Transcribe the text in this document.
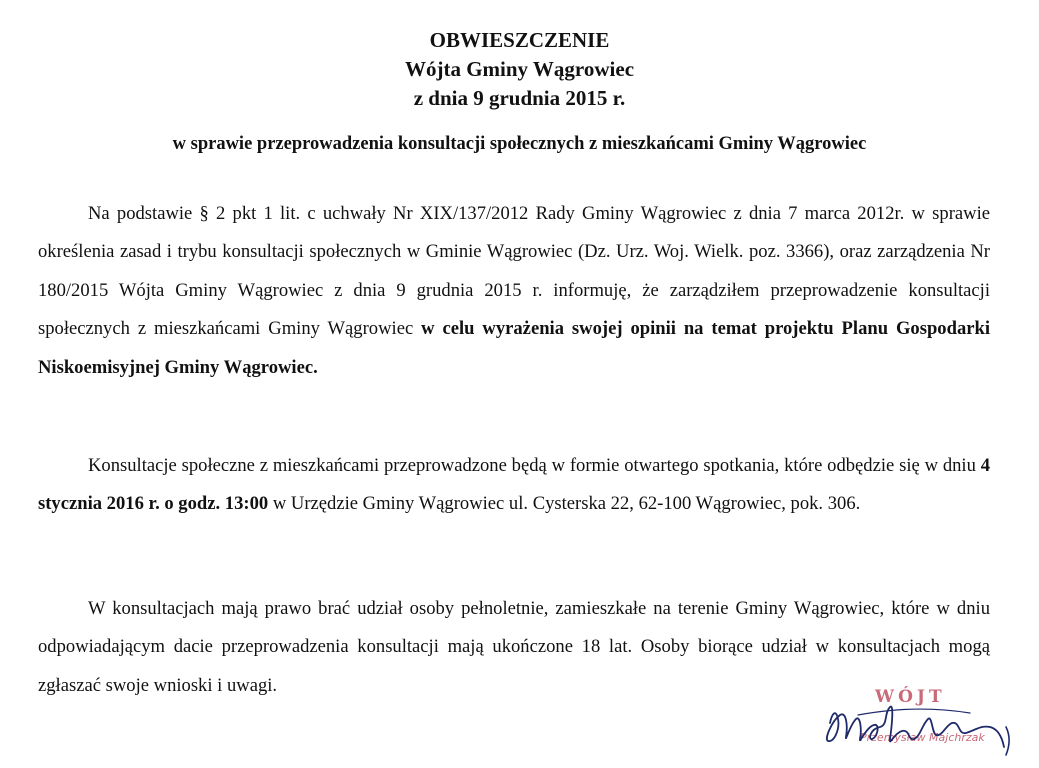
OBWIESZCZENIE
Wójta Gminy Wągrowiec
z dnia 9 grudnia 2015 r.
w sprawie przeprowadzenia konsultacji społecznych z mieszkańcami Gminy Wągrowiec

Na podstawie § 2 pkt 1 lit. c uchwały Nr XIX/137/2012 Rady Gminy Wągrowiec z dnia 7 marca 2012r. w sprawie określenia zasad i trybu konsultacji społecznych w Gminie Wągrowiec (Dz. Urz. Woj. Wielk. poz. 3366), oraz zarządzenia Nr 180/2015 Wójta Gminy Wągrowiec z dnia 9 grudnia 2015 r. informuję, że zarządziłem przeprowadzenie konsultacji społecznych z mieszkańcami Gminy Wągrowiec w celu wyrażenia swojej opinii na temat projektu Planu Gospodarki Niskoemisyjnej Gminy Wągrowiec.

Konsultacje społeczne z mieszkańcami przeprowadzone będą w formie otwartego spotkania, które odbędzie się w dniu 4 stycznia 2016 r. o godz. 13:00 w Urzędzie Gminy Wągrowiec ul. Cysterska 22, 62-100 Wągrowiec, pok. 306.

W konsultacjach mają prawo brać udział osoby pełnoletnie, zamieszkałe na terenie Gminy Wągrowiec, które w dniu odpowiadającym dacie przeprowadzenia konsultacji mają ukończone 18 lat. Osoby biorące udział w konsultacjach mogą zgłaszać swoje wnioski i uwagi.

WÓJT
Przemysław Majchrzak
